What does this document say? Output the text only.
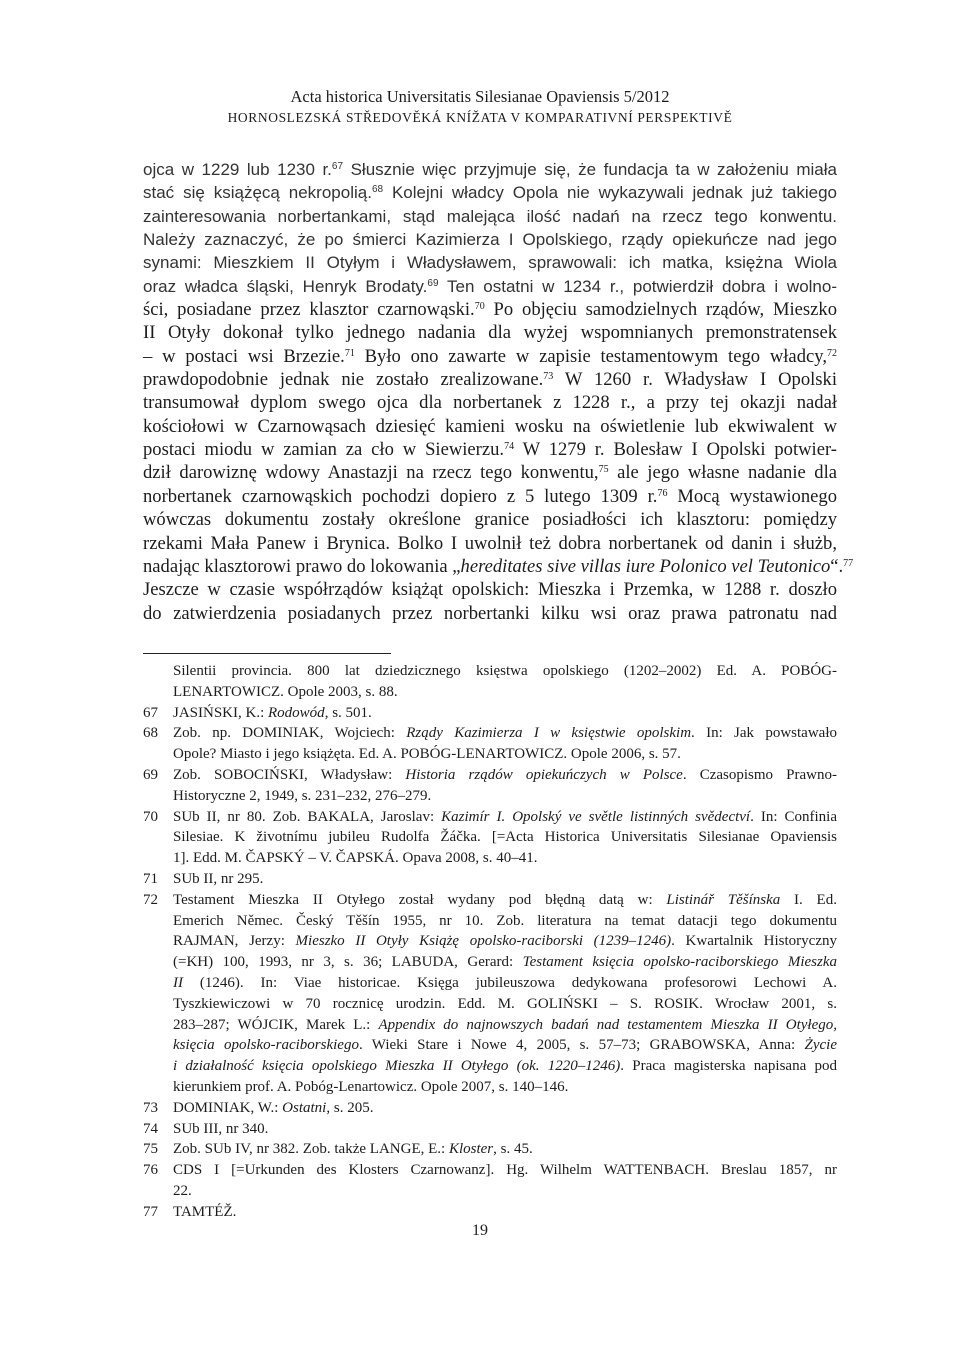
Acta historica Universitatis Silesianae Opaviensis 5/2012
HORNOSLEZSKÁ STŘEDOVĚKÁ KNÍŽATA V KOMPARATIVNÍ PERSPEKTIVĚ
ojca w 1229 lub 1230 r.$^{67}$ Słusznie więc przyjmuje się, że fundacja ta w założeniu miała
stać się książęcą nekropolią.$^{68}$ Kolejni władcy Opola nie wykazywali jednak już takiego
zainteresowania norbertankami, stąd malejąca ilość nadań na rzecz tego konwentu.
Należy zaznaczyć, że po śmierci Kazimierza I Opolskiego, rządy opiekuńcze nad jego
synami: Mieszkiem II Otyłym i Władysławem, sprawowali: ich matka, księżna Wiola
oraz władca śląski, Henryk Brodaty.$^{69}$ Ten ostatni w 1234 r., potwierdził dobra i wolno-
ści, posiadane przez klasztor czarnowąski.$^{70}$ Po objęciu samodzielnych rządów, Mieszko
II Otyły dokonał tylko jednego nadania dla wyżej wspomnianych premonstratensek
– w postaci wsi Brzezie.$^{71}$ Było ono zawarte w zapisie testamentowym tego władcy,$^{72}$
prawdopodobnie jednak nie zostało zrealizowane.$^{73}$ W 1260 r. Władysław I Opolski
transumował dyplom swego ojca dla norbertanek z 1228 r., a przy tej okazji nadał
kościołowi w Czarnowąsach dziesięć kamieni wosku na oświetlenie lub ekwiwalent w
postaci miodu w zamian za cło w Siewierzu.$^{74}$ W 1279 r. Bolesław I Opolski potwier-
dził darowiznę wdowy Anastazji na rzecz tego konwentu,$^{75}$ ale jego własne nadanie dla
norbertanek czarnowąskich pochodzi dopiero z 5 lutego 1309 r.$^{76}$ Mocą wystawionego
wówczas dokumentu zostały określone granice posiadłości ich klasztoru: pomiędzy
rzekami Mała Panew i Brynica. Bolko I uwolnił też dobra norbertanek od danin i służb,
nadając klasztorowi prawo do lokowania „hereditates sive villas iure Polonico vel Teutonico“.$^{77}$
Jeszcze w czasie współrządów książąt opolskich: Mieszka i Przemka, w 1288 r. doszło
do zatwierdzenia posiadanych przez norbertanki kilku wsi oraz prawa patronatu nad
Silentii provincia. 800 lat dziedzicznego księstwa opolskiego (1202–2002) Ed. A. POBÓG-
LENARTOWICZ. Opole 2003, s. 88.
67	JASIŃSKI, K.: Rodowód, s. 501.
68	Zob. np. DOMINIAK, Wojciech: Rządy Kazimierza I w księstwie opolskim. In: Jak powstawało
Opole? Miasto i jego książęta. Ed. A. POBÓG-LENARTOWICZ. Opole 2006, s. 57.
69	Zob. SOBOCIŃSKI, Władysław: Historia rządów opiekuńczych w Polsce. Czasopismo Prawno-
Historyczne 2, 1949, s. 231–232, 276–279.
70	SUb II, nr 80. Zob. BAKALA, Jaroslav: Kazimír I. Opolský ve světle listinných svědectví. In: Confinia
Silesiae. K životnímu jubileu Rudolfa Žáčka. [=Acta Historica Universitatis Silesianae Opaviensis
1]. Edd. M. ČAPSKÝ – V. ČAPSKÁ. Opava 2008, s. 40–41.
71	SUb II, nr 295.
72	Testament Mieszka II Otyłego został wydany pod błędną datą w: Listinář Těšínska I. Ed.
Emerich Němec. Český Těšín 1955, nr 10. Zob. literatura na temat datacji tego dokumentu
RAJMAN, Jerzy: Mieszko II Otyły Książę opolsko-raciborski (1239–1246). Kwartalnik Historyczny
(=KH) 100, 1993, nr 3, s. 36; LABUDA, Gerard: Testament księcia opolsko-raciborskiego Mieszka
II (1246). In: Viae historicae. Księga jubileuszowa dedykowana profesorowi Lechowi A.
Tyszkiewiczowi w 70 rocznicę urodzin. Edd. M. GOLIŃSKI – S. ROSIK. Wrocław 2001, s.
283–287; WÓJCIK, Marek L.: Appendix do najnowszych badań nad testamentem Mieszka II Otyłego,
księcia opolsko-raciborskiego. Wieki Stare i Nowe 4, 2005, s. 57–73; GRABOWSKA, Anna: Życie
i działalność księcia opolskiego Mieszka II Otyłego (ok. 1220–1246). Praca magisterska napisana pod
kierunkiem prof. A. Pobóg-Lenartowicz. Opole 2007, s. 140–146.
73	DOMINIAK, W.: Ostatni, s. 205.
74	SUb III, nr 340.
75	Zob. SUb IV, nr 382. Zob. także LANGE, E.: Kloster, s. 45.
76	CDS I [=Urkunden des Klosters Czarnowanz]. Hg. Wilhelm WATTENBACH. Breslau 1857, nr
22.
77	TAMTÉŽ.
19
